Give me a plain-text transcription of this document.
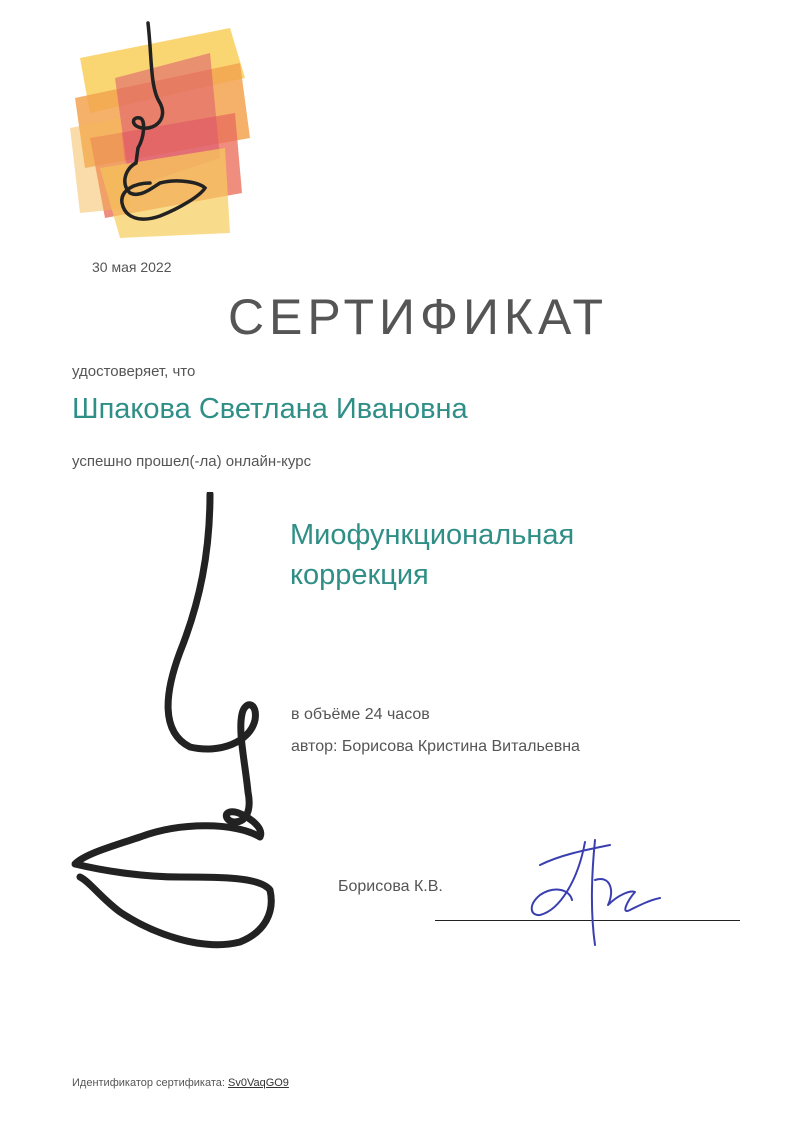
30 мая 2022
СЕРТИФИКАТ
удостоверяет, что
Шпакова Светлана Ивановна
успешно прошел(-ла) онлайн-курс
Миофункциональная
коррекция
в объёме 24 часов
автор: Борисова Кристина Витальевна
Борисова К.В.
Идентификатор сертификата: Sv0VaqGO9
